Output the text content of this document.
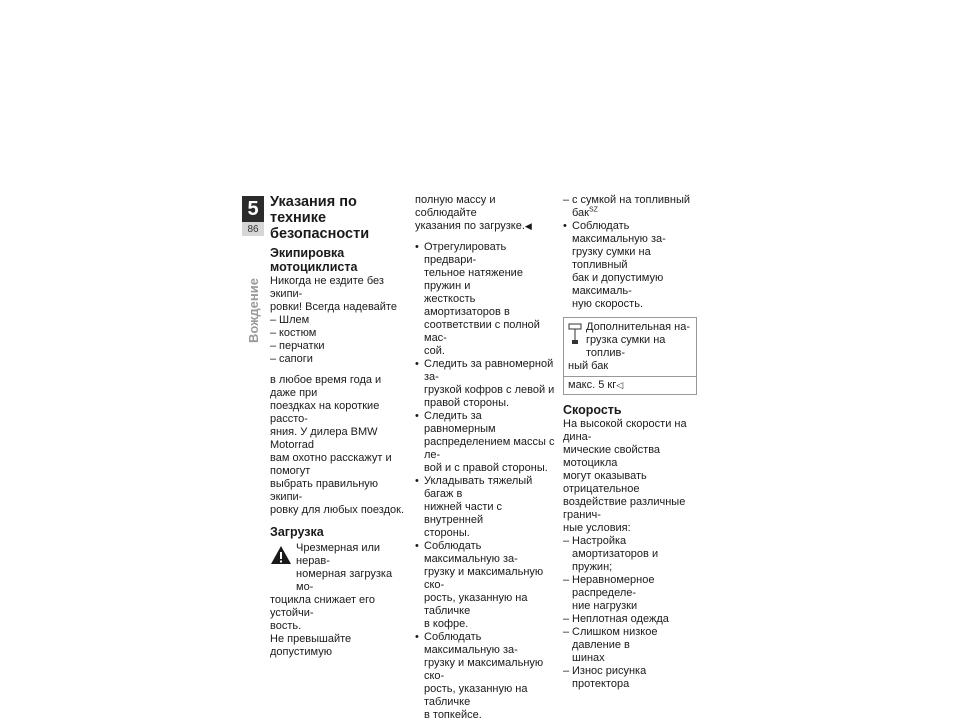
5
86
Вождение
Указания по технике
безопасности
Экипировка
мотоциклиста

Никогда не ездите без экипи-
ровки! Всегда надевайте

– Шлем
– костюм
– перчатки
– сапоги

в любое время года и даже при
поездках на короткие рассто-
яния. У дилера BMW Motorrad
вам охотно расскажут и помогут
выбрать правильную экипи-
ровку для любых поездок.

Загрузка
Чрезмерная или нерав-
номерная загрузка мо-
тоцикла снижает его устойчи-
вость.

Не превышайте допустимую

полную массу и соблюдайте
указания по загрузке.◀

• Отрегулировать предвари-
тельное натяжение пружин и
жесткость амортизаторов в
соответствии с полной мас-
сой.
• Следить за равномерной за-
грузкой кофров с левой и
правой стороны.
• Следить за равномерным
распределением массы с ле-
вой и с правой стороны.
• Укладывать тяжелый багаж в
нижней части с внутренней
стороны.
• Соблюдать максимальную за-
грузку и максимальную ско-
рость, указанную на табличке
в кофре.
• Соблюдать максимальную за-
грузку и максимальную ско-
рость, указанную на табличке
в топкейсе.
– с сумкой на топливный бак$^{SZ}$
• Соблюдать максимальную за-
грузку сумки на топливный
бак и допустимую максималь-
ную скорость.
Дополнительная на-
грузка сумки на топлив-
ный бак
макс. 5 кг◁
Скорость

На высокой скорости на дина-
мические свойства мотоцикла
могут оказывать отрицательное
воздействие различные гранич-
ные условия:

– Настройка амортизаторов и
пружин;
– Неравномерное распределе-
ние нагрузки
– Неплотная одежда
– Слишком низкое давление в
шинах
– Износ рисунка протектора
